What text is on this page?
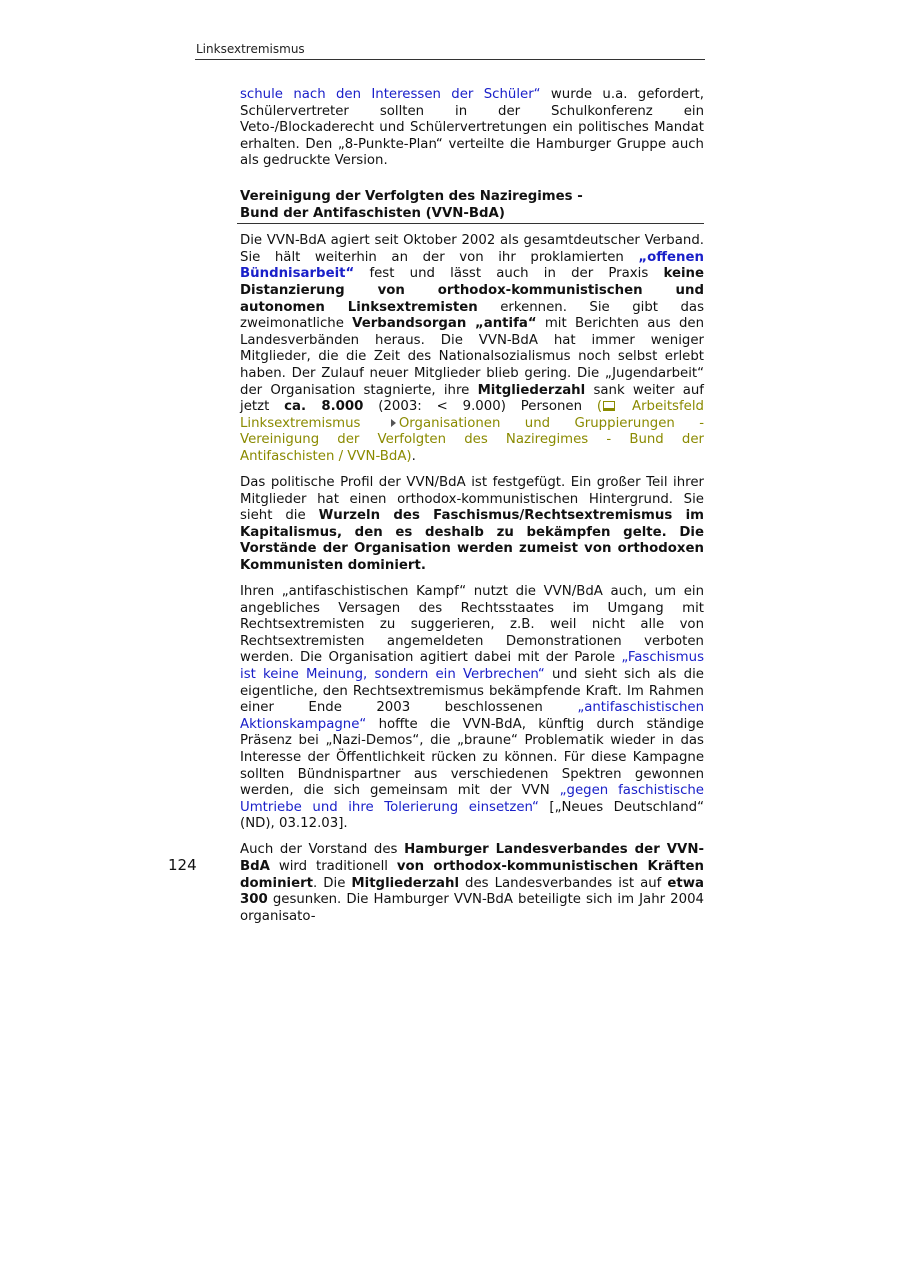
Linksextremismus

schule nach den Interessen der Schüler“ wurde u.a. gefordert, Schülervertreter sollten in der Schulkonferenz ein Veto-/Blockaderecht und Schülervertretungen ein politisches Mandat erhalten. Den „8-Punkte-Plan“ verteilte die Hamburger Gruppe auch als gedruckte Version.

Vereinigung der Verfolgten des Naziregimes -
Bund der Antifaschisten (VVN-BdA)

Die VVN-BdA agiert seit Oktober 2002 als gesamtdeutscher Verband. Sie hält weiterhin an der von ihr proklamierten „offenen Bündnisarbeit“ fest und lässt auch in der Praxis keine Distanzierung von orthodox-kommunistischen und autonomen Linksextremisten erkennen. Sie gibt das zweimonatliche Verbandsorgan „antifa“ mit Berichten aus den Landesverbänden heraus. Die VVN-BdA hat immer weniger Mitglieder, die die Zeit des Nationalsozialismus noch selbst erlebt haben. Der Zulauf neuer Mitglieder blieb gering. Die „Jugendarbeit“ der Organisation stagnierte, ihre Mitgliederzahl sank weiter auf jetzt ca. 8.000 (2003: < 9.000) Personen ( Arbeitsfeld Linksextremismus	Organisationen und Gruppierungen - Vereinigung der Verfolgten des Naziregimes - Bund der Antifaschisten / VVN-BdA).

Das politische Profil der VVN/BdA ist festgefügt. Ein großer Teil ihrer Mitglieder hat einen orthodox-kommunistischen Hintergrund. Sie sieht die Wurzeln des Faschismus/Rechtsextremismus im Kapitalismus, den es deshalb zu bekämpfen gelte. Die Vorstände der Organisation werden zumeist von orthodoxen Kommunisten dominiert.

Ihren „antifaschistischen Kampf“ nutzt die VVN/BdA auch, um ein angebliches Versagen des Rechtsstaates im Umgang mit Rechtsextremisten zu suggerieren, z.B. weil nicht alle von Rechtsextremisten angemeldeten Demonstrationen verboten werden. Die Organisation agitiert dabei mit der Parole „Faschismus ist keine Meinung, sondern ein Verbrechen“ und sieht sich als die eigentliche, den Rechtsextremismus bekämpfende Kraft. Im Rahmen einer Ende 2003 beschlossenen „antifaschistischen Aktionskampagne“ hoffte die VVN-BdA, künftig durch ständige Präsenz bei „Nazi-Demos“, die „braune“ Problematik wieder in das Interesse der Öffentlichkeit rücken zu können. Für diese Kampagne sollten Bündnispartner aus verschiedenen Spektren gewonnen werden, die sich gemeinsam mit der VVN „gegen faschistische Umtriebe und ihre Tolerierung einsetzen“ [„Neues Deutschland“ (ND), 03.12.03].

Auch der Vorstand des Hamburger Landesverbandes der VVN-BdA wird traditionell von orthodox-kommunistischen Kräften dominiert. Die Mitgliederzahl des Landesverbandes ist auf etwa 300 gesunken. Die Hamburger VVN-BdA beteiligte sich im Jahr 2004 organisato-

124
